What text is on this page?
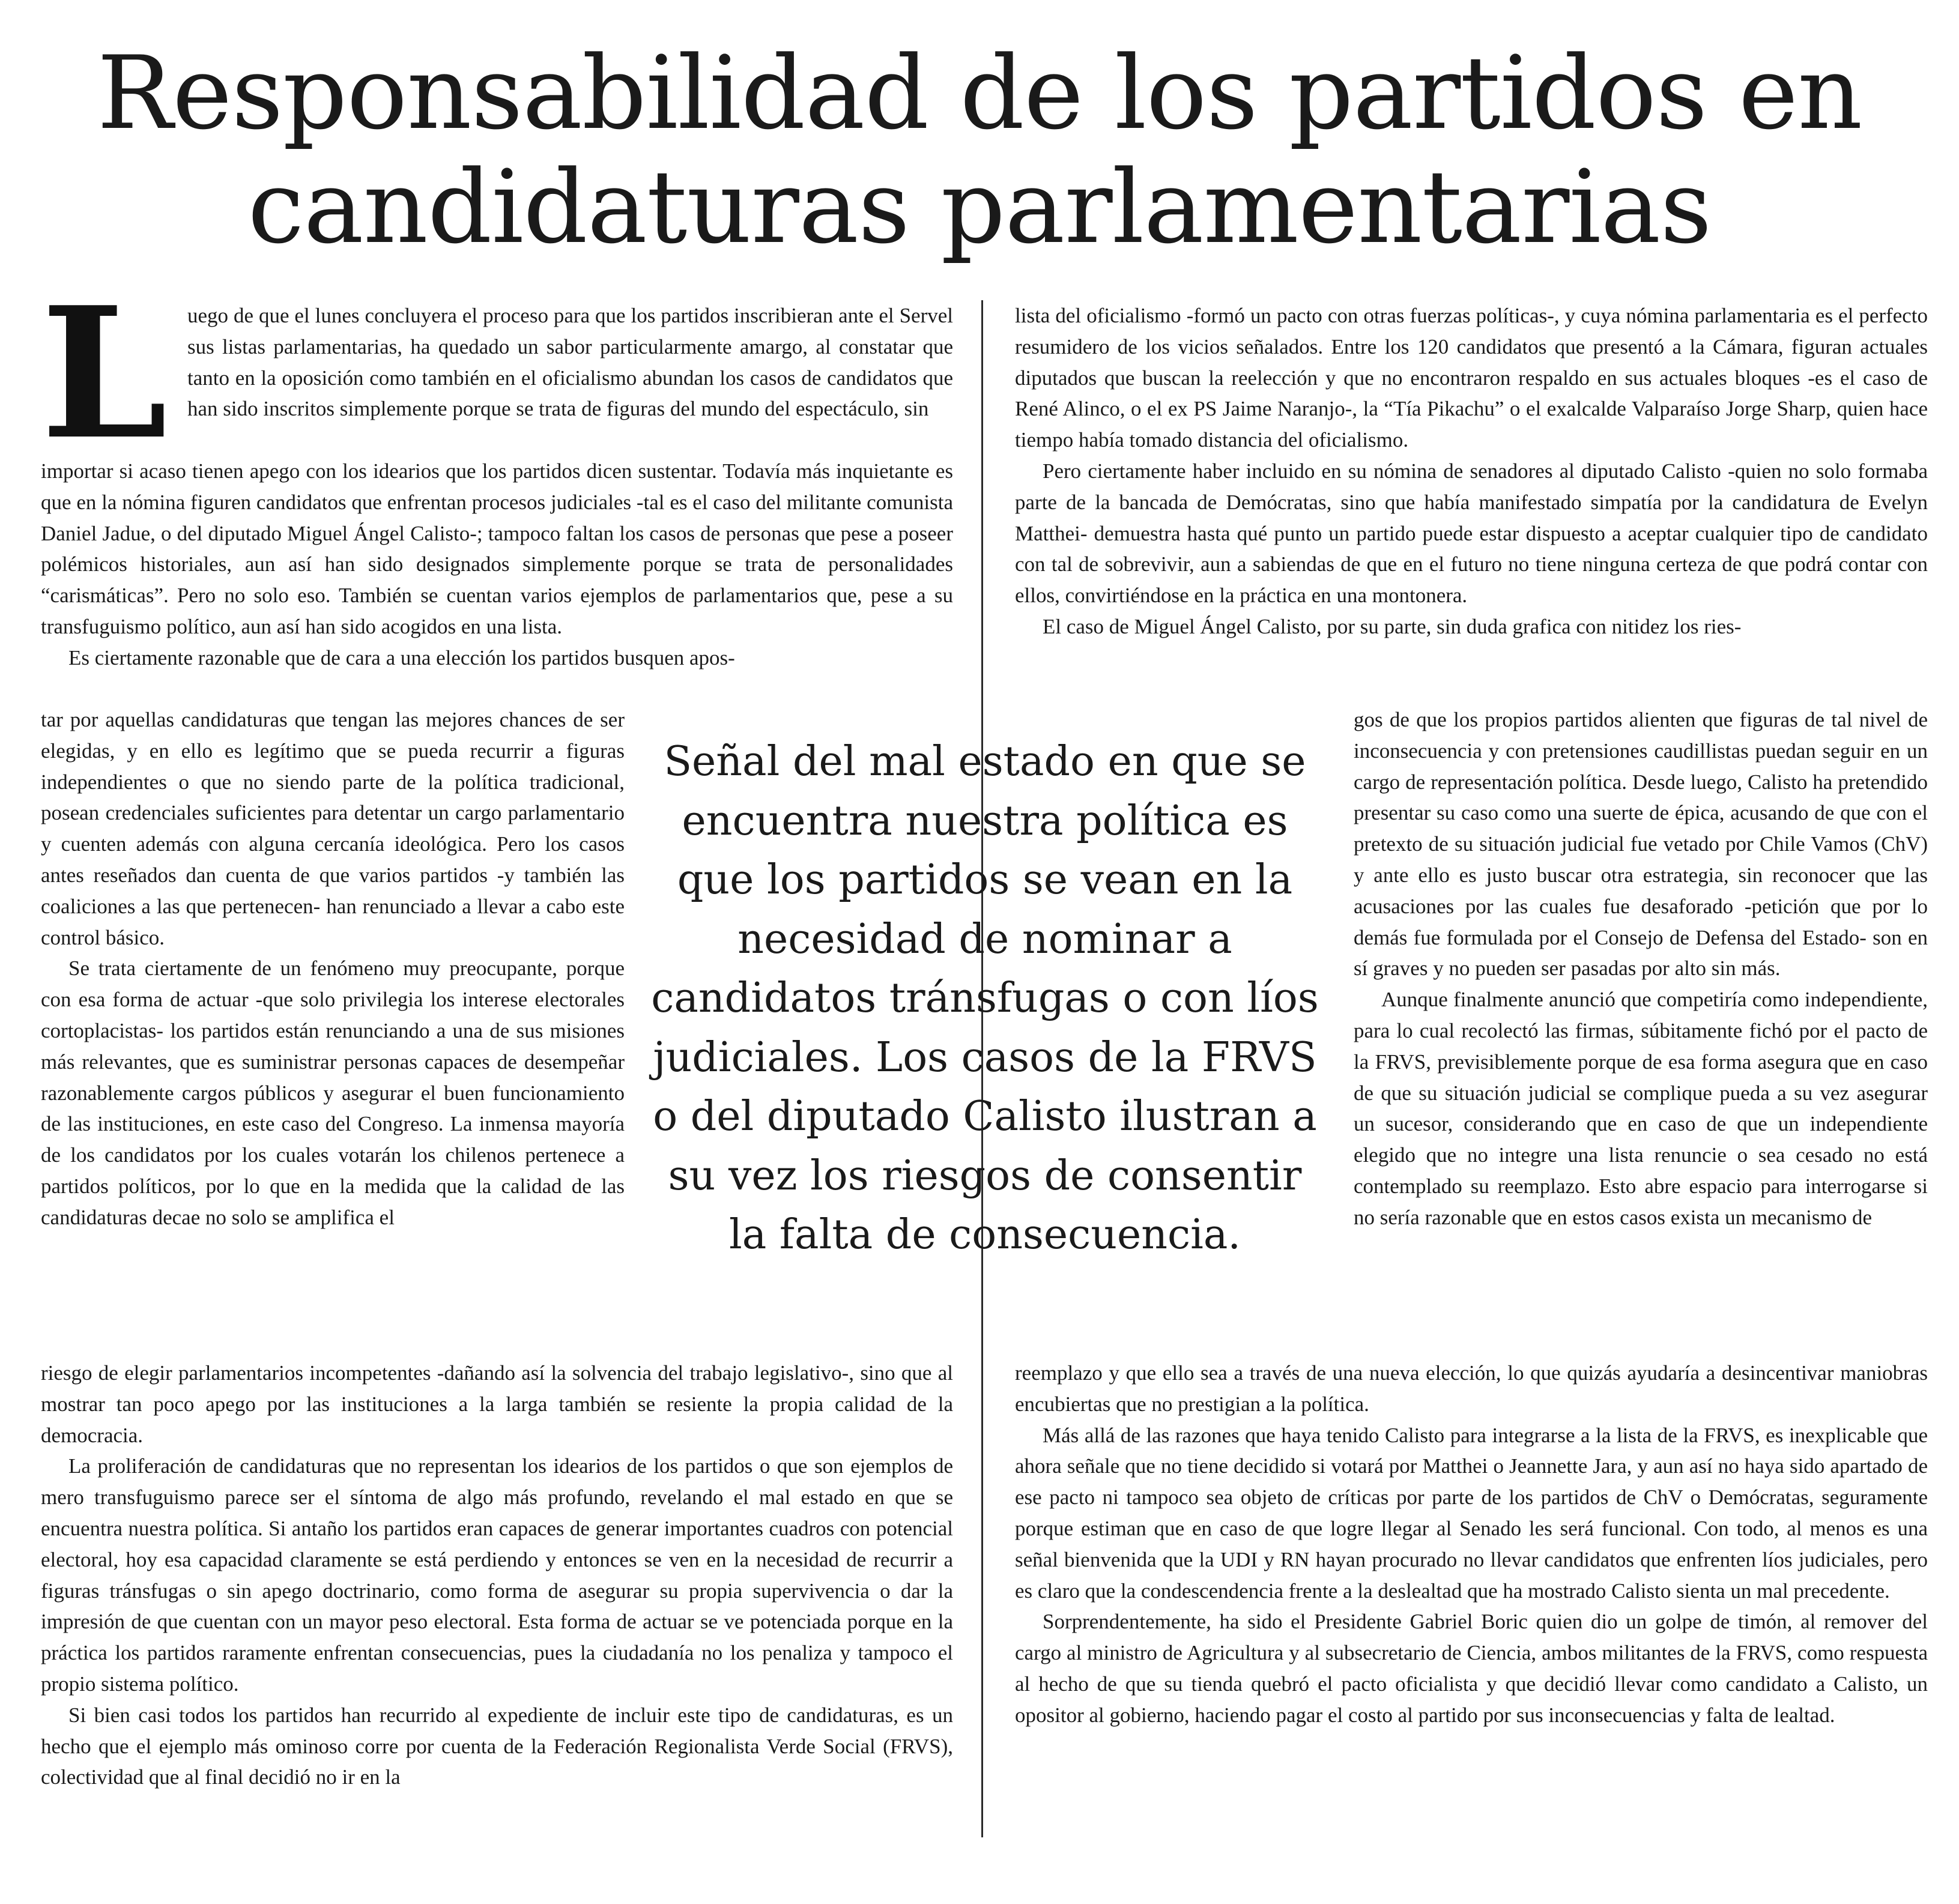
Responsabilidad de los partidos en
candidaturas parlamentarias
L uego de que el lunes concluyera el proceso para que los partidos inscribieran ante el Servel sus listas parlamentarias, ha quedado un sabor particularmente amargo, al constatar que tanto en la oposición como también en el oficialismo abundan los casos de candidatos que han sido inscritos simplemente porque se trata de figuras del mundo del espectáculo, sin

importar si acaso tienen apego con los idearios que los partidos dicen sustentar. Todavía más inquietante es que en la nómina figuren candidatos que enfrentan procesos judiciales -tal es el caso del militante comunista Daniel Jadue, o del diputado Miguel Ángel Calisto-; tampoco faltan los casos de personas que pese a poseer polémicos historiales, aun así han sido designados simplemente porque se trata de personalidades “carismáticas”. Pero no solo eso. También se cuentan varios ejemplos de parlamentarios que, pese a su transfuguismo político, aun así han sido acogidos en una lista.

Es ciertamente razonable que de cara a una elección los partidos busquen apos-

tar por aquellas candidaturas que tengan las mejores chances de ser elegidas, y en ello es legítimo que se pueda recurrir a figuras independientes o que no siendo parte de la política tradicional, posean credenciales suficientes para detentar un cargo parlamentario y cuenten además con alguna cercanía ideológica. Pero los casos antes reseñados dan cuenta de que varios partidos -y también las coaliciones a las que pertenecen- han renunciado a llevar a cabo este control básico.

Se trata ciertamente de un fenómeno muy preocupante, porque con esa forma de actuar -que solo privilegia los interese electorales cortoplacistas- los partidos están renunciando a una de sus misiones más relevantes, que es suministrar personas capaces de desempeñar razonablemente cargos públicos y asegurar el buen funcionamiento de las instituciones, en este caso del Congreso. La inmensa mayoría de los candidatos por los cuales votarán los chilenos pertenece a partidos políticos, por lo que en la medida que la calidad de las candidaturas decae no solo se amplifica el

riesgo de elegir parlamentarios incompetentes -dañando así la solvencia del trabajo legislativo-, sino que al mostrar tan poco apego por las instituciones a la larga también se resiente la propia calidad de la democracia.

La proliferación de candidaturas que no representan los idearios de los partidos o que son ejemplos de mero transfuguismo parece ser el síntoma de algo más profundo, revelando el mal estado en que se encuentra nuestra política. Si antaño los partidos eran capaces de generar importantes cuadros con potencial electoral, hoy esa capacidad claramente se está perdiendo y entonces se ven en la necesidad de recurrir a figuras tránsfugas o sin apego doctrinario, como forma de asegurar su propia supervivencia o dar la impresión de que cuentan con un mayor peso electoral. Esta forma de actuar se ve potenciada porque en la práctica los partidos raramente enfrentan consecuencias, pues la ciudadanía no los penaliza y tampoco el propio sistema político.

Si bien casi todos los partidos han recurrido al expediente de incluir este tipo de candidaturas, es un hecho que el ejemplo más ominoso corre por cuenta de la Federación Regionalista Verde Social (FRVS), colectividad que al final decidió no ir en la

Señal del mal estado en que se encuentra nuestra política es que los partidos se vean en la necesidad de nominar a candidatos tránsfugas o con líos judiciales. Los casos de la FRVS o del diputado Calisto ilustran a su vez los riesgos de consentir la falta de consecuencia.

lista del oficialismo -formó un pacto con otras fuerzas políticas-, y cuya nómina parlamentaria es el perfecto resumidero de los vicios señalados. Entre los 120 candidatos que presentó a la Cámara, figuran actuales diputados que buscan la reelección y que no encontraron respaldo en sus actuales bloques -es el caso de René Alinco, o el ex PS Jaime Naranjo-, la “Tía Pikachu” o el exalcalde Valparaíso Jorge Sharp, quien hace tiempo había tomado distancia del oficialismo.

Pero ciertamente haber incluido en su nómina de senadores al diputado Calisto -quien no solo formaba parte de la bancada de Demócratas, sino que había manifestado simpatía por la candidatura de Evelyn Matthei- demuestra hasta qué punto un partido puede estar dispuesto a aceptar cualquier tipo de candidato con tal de sobrevivir, aun a sabiendas de que en el futuro no tiene ninguna certeza de que podrá contar con ellos, convirtiéndose en la práctica en una montonera.

El caso de Miguel Ángel Calisto, por su parte, sin duda grafica con nitidez los ries-

gos de que los propios partidos alienten que figuras de tal nivel de inconsecuencia y con pretensiones caudillistas puedan seguir en un cargo de representación política. Desde luego, Calisto ha pretendido presentar su caso como una suerte de épica, acusando de que con el pretexto de su situación judicial fue vetado por Chile Vamos (ChV) y ante ello es justo buscar otra estrategia, sin reconocer que las acusaciones por las cuales fue desaforado -petición que por lo demás fue formulada por el Consejo de Defensa del Estado- son en sí graves y no pueden ser pasadas por alto sin más.

Aunque finalmente anunció que competiría como independiente, para lo cual recolectó las firmas, súbitamente fichó por el pacto de la FRVS, previsiblemente porque de esa forma asegura que en caso de que su situación judicial se complique pueda a su vez asegurar un sucesor, considerando que en caso de que un independiente elegido que no integre una lista renuncie o sea cesado no está contemplado su reemplazo. Esto abre espacio para interrogarse si no sería razonable que en estos casos exista un mecanismo de

reemplazo y que ello sea a través de una nueva elección, lo que quizás ayudaría a desincentivar maniobras encubiertas que no prestigian a la política.

Más allá de las razones que haya tenido Calisto para integrarse a la lista de la FRVS, es inexplicable que ahora señale que no tiene decidido si votará por Matthei o Jeannette Jara, y aun así no haya sido apartado de ese pacto ni tampoco sea objeto de críticas por parte de los partidos de ChV o Demócratas, seguramente porque estiman que en caso de que logre llegar al Senado les será funcional. Con todo, al menos es una señal bienvenida que la UDI y RN hayan procurado no llevar candidatos que enfrenten líos judiciales, pero es claro que la condescendencia frente a la deslealtad que ha mostrado Calisto sienta un mal precedente.

Sorprendentemente, ha sido el Presidente Gabriel Boric quien dio un golpe de timón, al remover del cargo al ministro de Agricultura y al subsecretario de Ciencia, ambos militantes de la FRVS, como respuesta al hecho de que su tienda quebró el pacto oficialista y que decidió llevar como candidato a Calisto, un opositor al gobierno, haciendo pagar el costo al partido por sus inconsecuencias y falta de lealtad.
